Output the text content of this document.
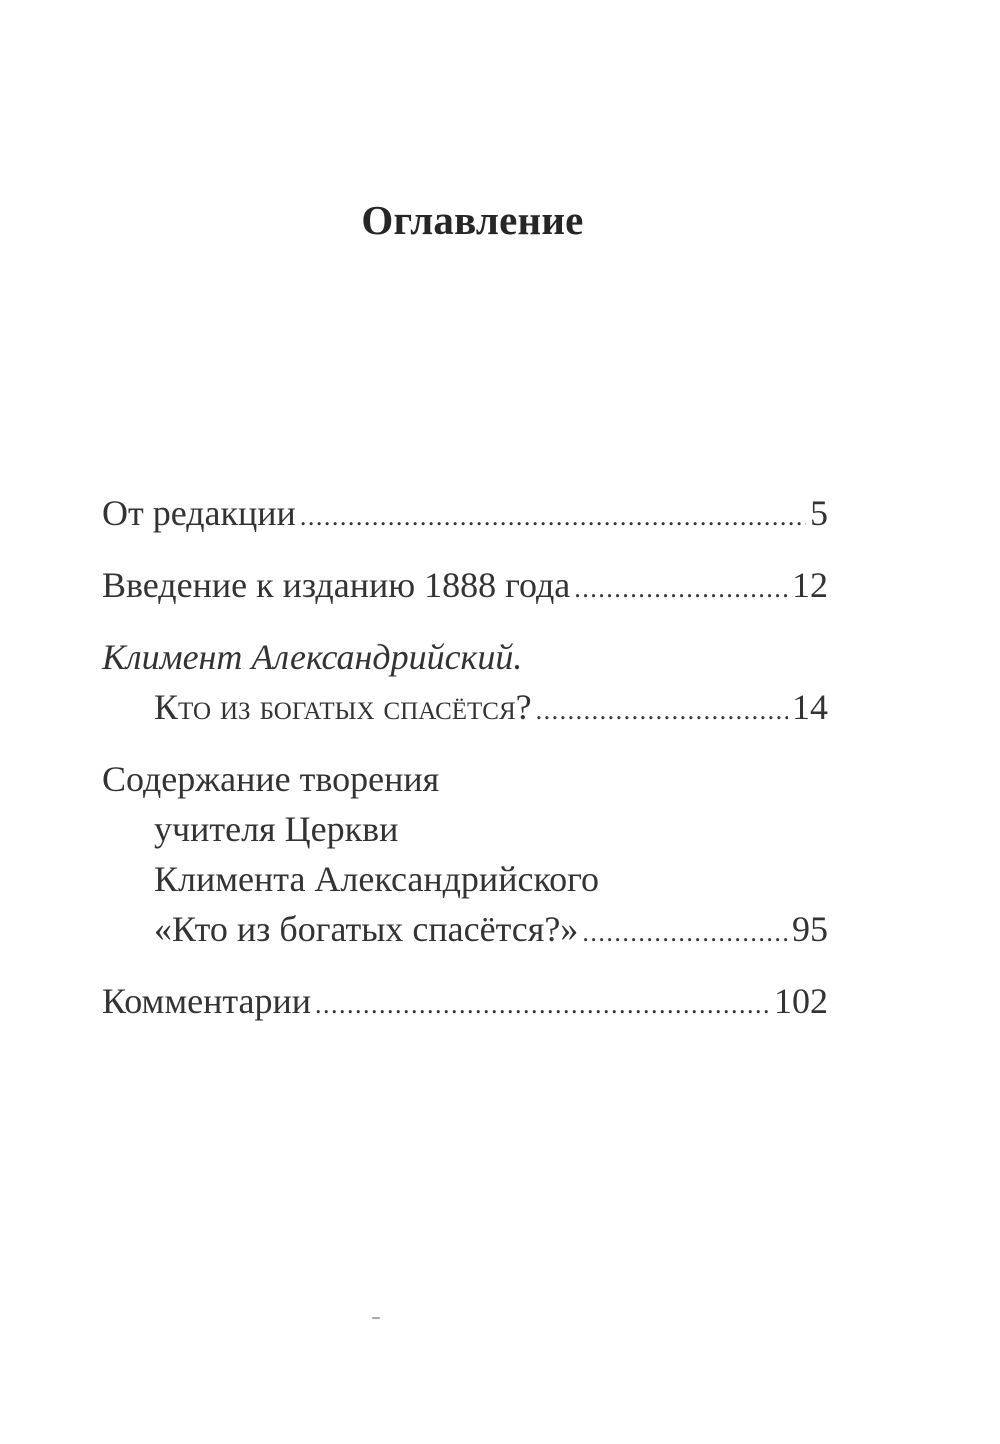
Оглавление
От редакции .....	5
Введение к изданию 1888 года .....	12
Климент Александрийский.
Кто из богатых спасётся? .....	14
Содержание творения
учителя Церкви
Климента Александрийского
«Кто из богатых спасётся?» .....	95
Комментарии .....	102
